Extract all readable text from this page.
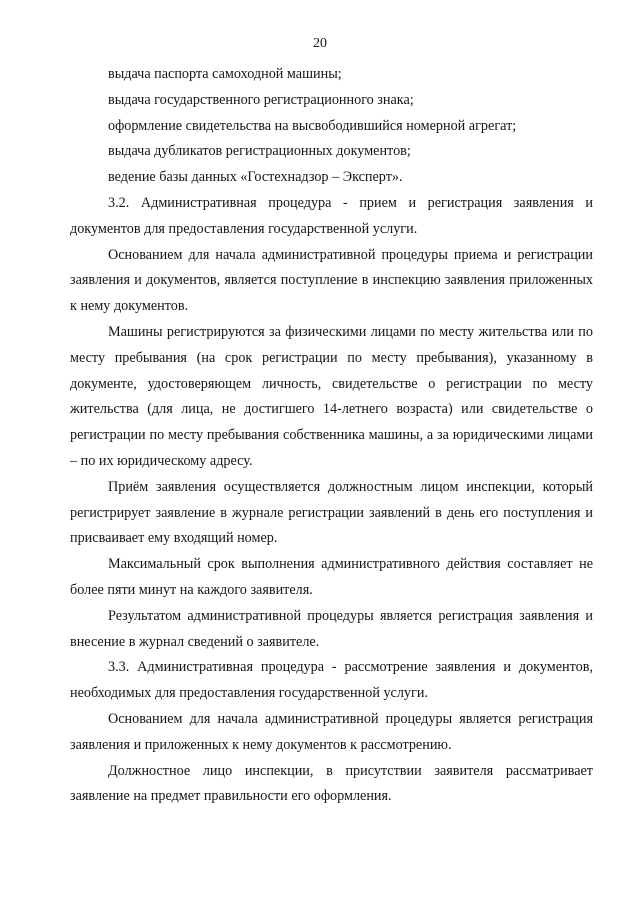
20

выдача паспорта самоходной машины;

выдача государственного регистрационного знака;

оформление свидетельства на высвободившийся номерной агрегат;

выдача дубликатов регистрационных документов;

ведение базы данных «Гостехнадзор – Эксперт».

3.2. Административная процедура - прием и регистрация заявления и документов для предоставления государственной услуги.

Основанием для начала административной процедуры приема и регистрации заявления и документов, является поступление в инспекцию заявления приложенных к нему документов.

Машины регистрируются за физическими лицами по месту жительства или по месту пребывания (на срок регистрации по месту пребывания), указанному в документе, удостоверяющем личность, свидетельстве о регистрации по месту жительства (для лица, не достигшего 14-летнего возраста) или свидетельстве о регистрации по месту пребывания собственника машины, а за юридическими лицами – по их юридическому адресу.

Приём заявления осуществляется должностным лицом инспекции, который регистрирует заявление в журнале регистрации заявлений в день его поступления и присваивает ему входящий номер.

Максимальный срок выполнения административного действия составляет не более пяти минут на каждого заявителя.

Результатом административной процедуры является регистрация заявления и внесение в журнал сведений о заявителе.

3.3. Административная процедура - рассмотрение заявления и документов, необходимых для предоставления государственной услуги.

Основанием для начала административной процедуры является регистрация заявления и приложенных к нему документов к рассмотрению.

Должностное лицо инспекции, в присутствии заявителя рассматривает заявление на предмет правильности его оформления.
